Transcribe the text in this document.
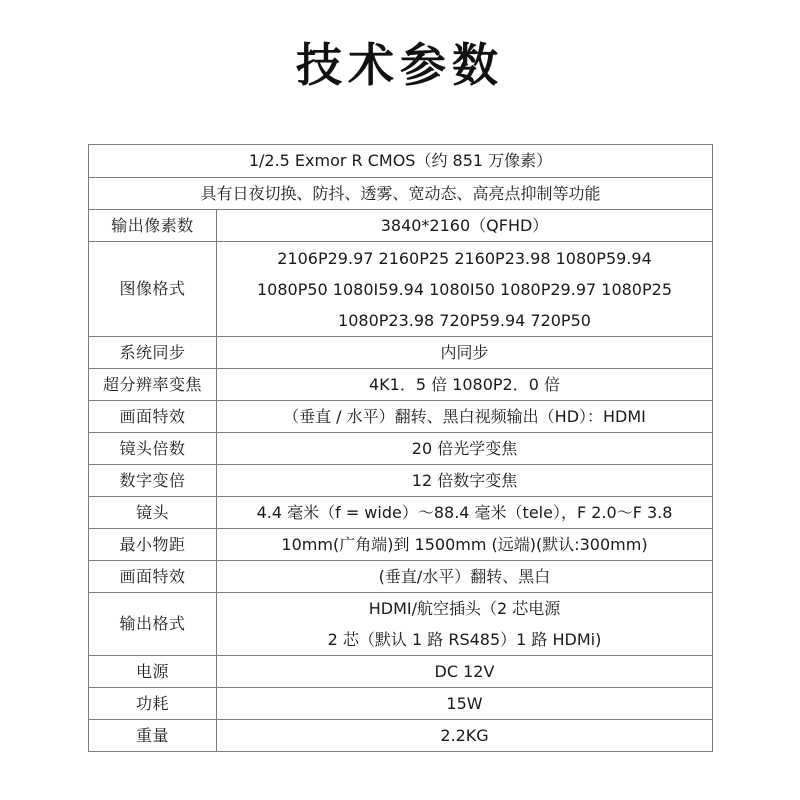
技术参数
1/2.5 Exmor R CMOS（约 851 万像素）	
具有日夜切换、防抖、透雾、宽动态、高亮点抑制等功能	
输出像素数	3840*2160（QFHD）
图像格式	2106P29.97 2160P25 2160P23.98 1080P59.94
1080P50 1080I59.94 1080I50 1080P29.97 1080P25
1080P23.98 720P59.94 720P50

系统同步	内同步
超分辨率变焦	4K1．5 倍 1080P2．0 倍
画面特效	（垂直 / 水平）翻转、黑白视频输出（HD）：HDMI
镜头倍数	20 倍光学变焦
数字变倍	12 倍数字变焦
镜头	4.4 毫米（f = wide）～88.4 毫米（tele），F 2.0～F 3.8
最小物距	10mm(广角端)到 1500mm (远端)(默认:300mm)
画面特效	(垂直/水平）翻转、黑白
输出格式	HDMI/航空插头（2 芯电源
2 芯（默认 1 路 RS485）1 路 HDMi)

电源	DC 12V
功耗	15W
重量	2.2KG
